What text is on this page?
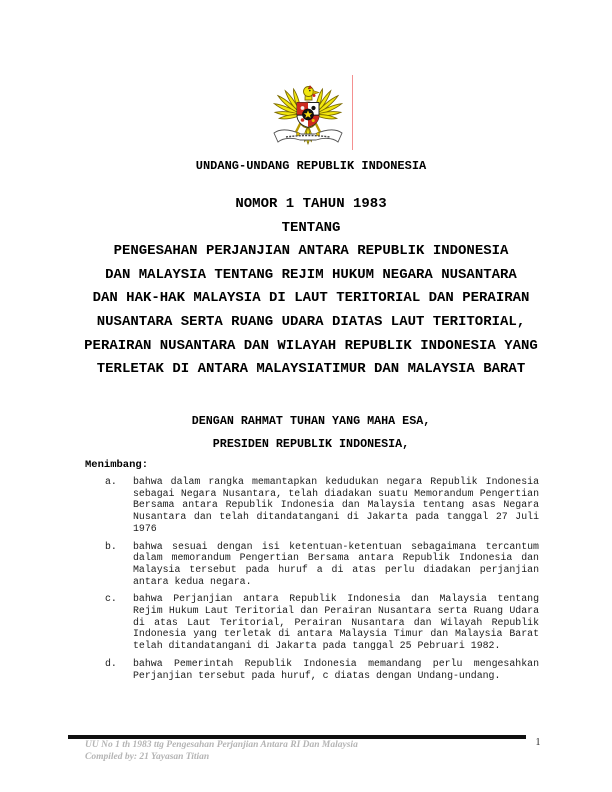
UNDANG-UNDANG REPUBLIK INDONESIA
NOMOR 1 TAHUN 1983
TENTANG
PENGESAHAN PERJANJIAN ANTARA REPUBLIK INDONESIA
DAN MALAYSIA TENTANG REJIM HUKUM NEGARA NUSANTARA
DAN HAK-HAK MALAYSIA DI LAUT TERITORIAL DAN PERAIRAN
NUSANTARA SERTA RUANG UDARA DIATAS LAUT TERITORIAL,
PERAIRAN NUSANTARA DAN WILAYAH REPUBLIK INDONESIA YANG
TERLETAK DI ANTARA MALAYSIATIMUR DAN MALAYSIA BARAT
DENGAN RAHMAT TUHAN YANG MAHA ESA,
PRESIDEN REPUBLIK INDONESIA,
Menimbang:
a.	bahwa dalam rangka memantapkan kedudukan negara Republik Indonesia
sebagai Negara Nusantara, telah diadakan suatu Memorandum Pengertian
Bersama antara Republik Indonesia dan Malaysia tentang asas Negara
Nusantara dan telah ditandatangani di Jakarta pada tanggal 27 Juli
1976
b.	bahwa sesuai dengan isi ketentuan-ketentuan sebagaimana tercantum
dalam memorandum Pengertian Bersama antara Republik Indonesia dan
Malaysia tersebut pada huruf a di atas perlu diadakan perjanjian
antara kedua negara.
c.	bahwa Perjanjian antara Republik Indonesia dan Malaysia tentang
Rejim Hukum Laut Teritorial dan Perairan Nusantara serta Ruang Udara
di atas Laut Teritorial, Perairan Nusantara dan Wilayah Republik
Indonesia yang terletak di antara Malaysia Timur dan Malaysia Barat
telah ditandatangani di Jakarta pada tanggal 25 Pebruari 1982.
d.	bahwa Pemerintah Republik Indonesia memandang perlu mengesahkan
Perjanjian tersebut pada huruf, c diatas dengan Undang-undang.
UU No 1 th 1983 ttg Pengesahan Perjanjian Antara RI Dan Malaysia
Compiled by: 21 Yayasan Titian
1
